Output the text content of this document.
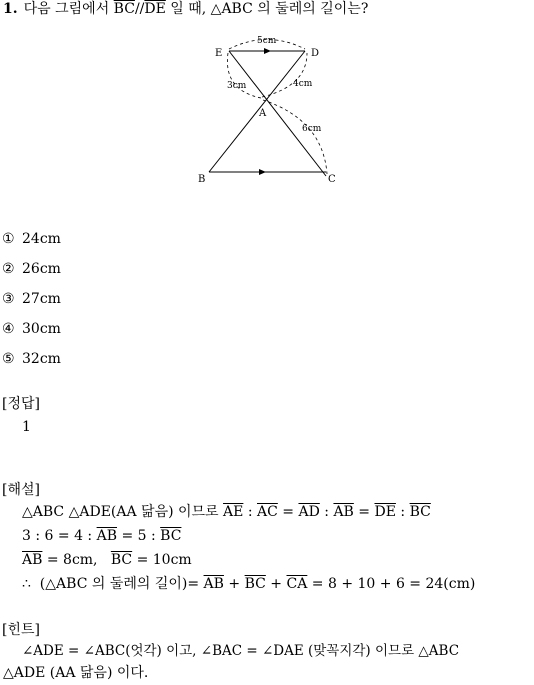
1. 다음 그림에서 $\overline{BC}//\overline{DE}$ 일 때, △ABC 의 둘레의 길이는?
E	D
A
B	C
5cm
3cm	4cm
6cm
① 24cm
② 26cm
③ 27cm
④ 30cm
⑤ 32cm
[정답]
1
[해설]
△ABC △ADE(AA 닮음) 이므로 $\overline{AE}$ : $\overline{AC} = \overline{AD}$ : $\overline{AB} = \overline{DE}$ : $\overline{BC}$
3 : 6 = 4 : $\overline{AB} = 5$ : $\overline{BC}$
$\overline{AB} = 8cm$,   $\overline{BC} = 10cm$
∴  (△ABC 의 둘레의 길이)= $\overline{AB} + \overline{BC} + \overline{CA} = 8 + 10 + 6 = 24(cm)$
[힌트]
∠ADE = ∠ABC(엇각) 이고, ∠BAC = ∠DAE (맞꼭지각) 이므로 △ABC
△ADE (AA 닮음) 이다.
